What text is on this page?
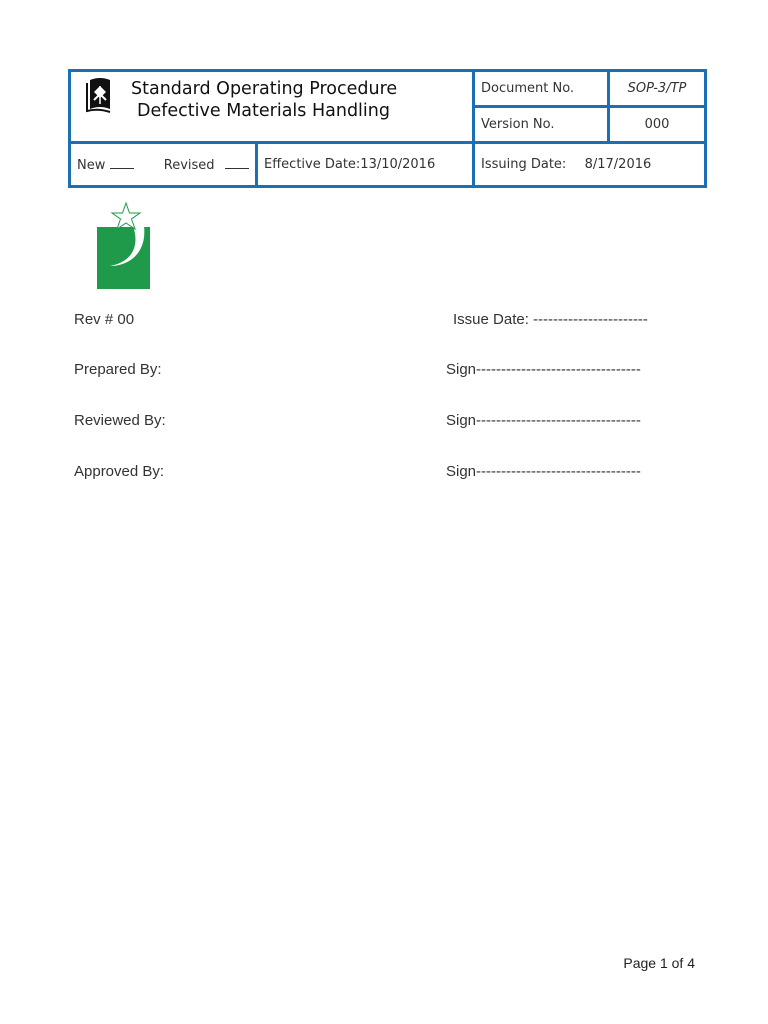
Standard Operating Procedure
Defective Materials Handling		Document No.	SOP-3/TP
		Version No.	000
New Revised	Effective Date:13/10/2016	Issuing Date: 8/17/2016	
Rev # 00	Issue Date: -----------------------
Prepared By:	Sign---------------------------------
Reviewed By:	Sign---------------------------------
Approved By:	Sign---------------------------------
Page 1 of 4
